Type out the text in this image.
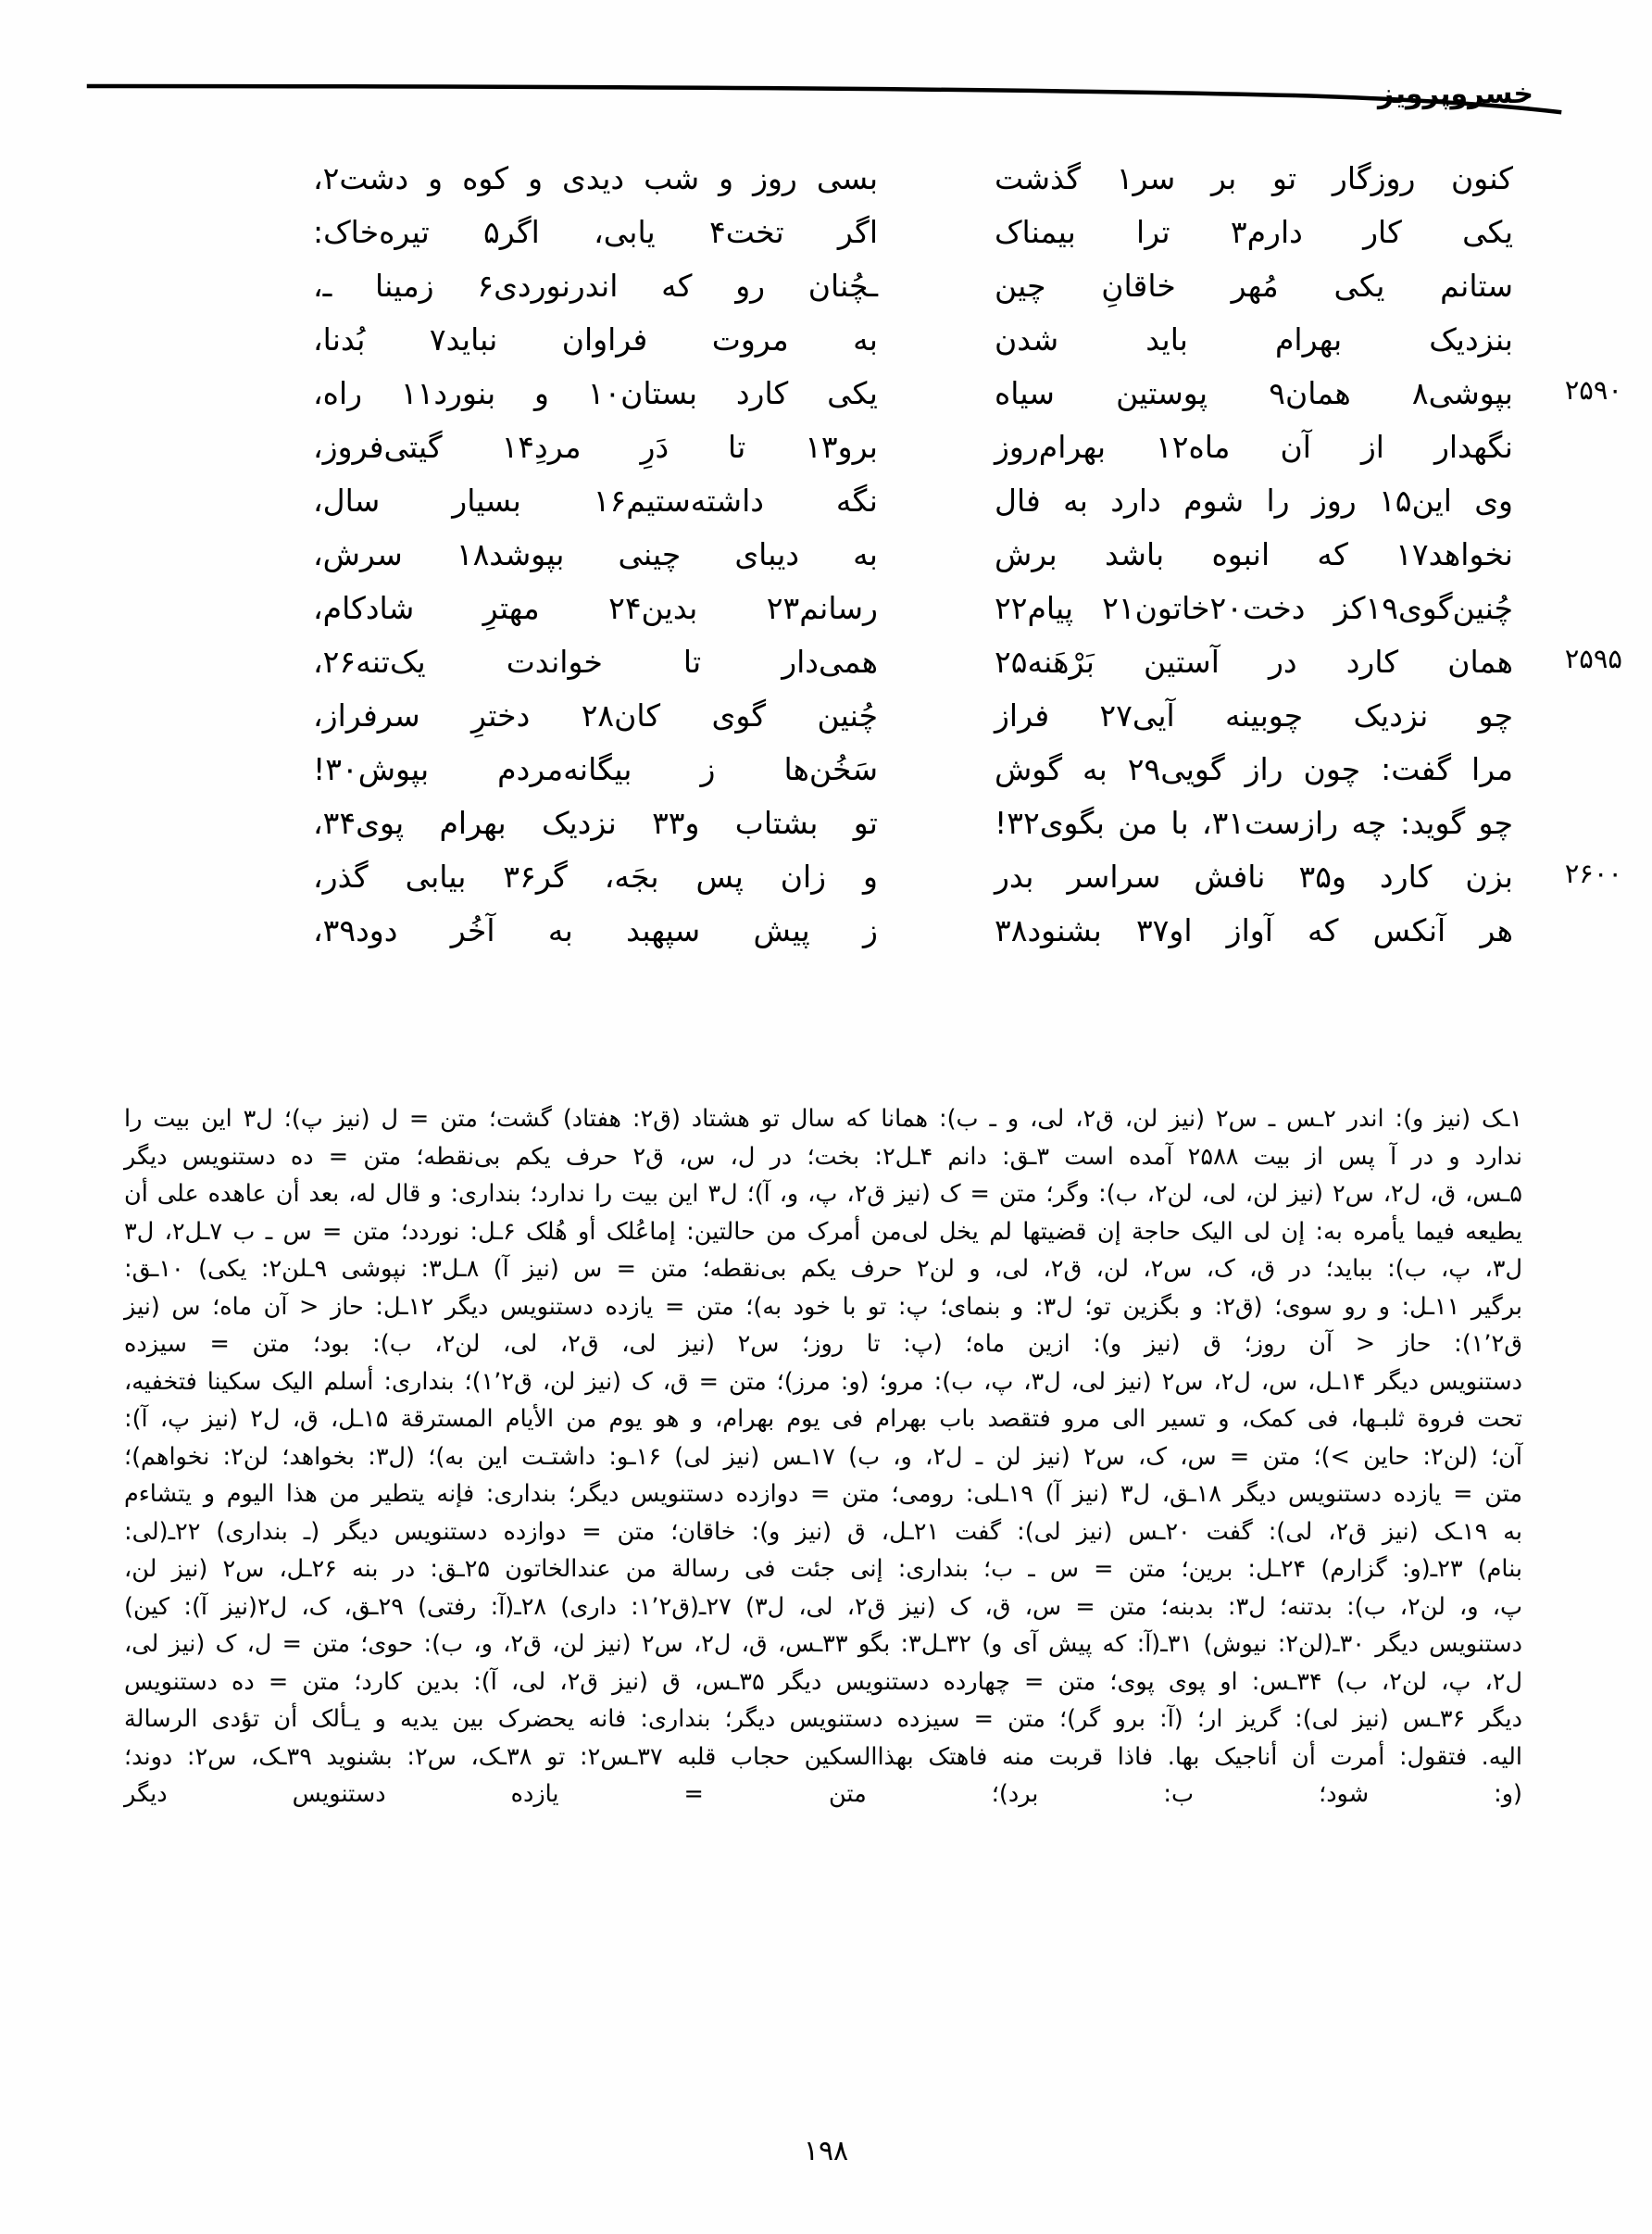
خسروپرویز
کنون روزگار تو بر سر۱ گذشت
بسی روز و شب دیدی و کوه و دشت۲،
یکی کار دارم۳ ترا بیمناک
اگر تخت۴ یابی، اگر۵ تیره‌خاک:
ستانم یکی مُهر خاقانِ چین
ـچُنان رو که اندرنوردی۶ زمینا ـ،
بنزدیک بهرام باید شدن
به مروت فراوان نباید۷ بُدنا،
۲۵۹۰
بپوشی۸ همان۹ پوستین سیاه
یکی کارد بستان۱۰ و بنورد۱۱ راه،
نگهدار از آن ماه۱۲ بهرام‌روز
برو۱۳ تا دَرِ مردِ۱۴ گیتی‌فروز،
وی این۱۵ روز را شوم دارد به فال
نگه داشته‌ستیم۱۶ بسیار سال،
نخواهد۱۷ که انبوه باشد برش
به دیبای چینی بپوشد۱۸ سرش،
چُنین‌گوی۱۹کز دخت۲۰خاتون۲۱ پیام۲۲
رسانم۲۳ بدین۲۴ مهترِ شادکام،
۲۵۹۵
همان کارد در آستین بَرْهَنه۲۵
همی‌دار تا خواندت یک‌تنه۲۶،
چو نزدیک چوبینه آیی۲۷ فراز
چُنین گوی کان۲۸ دخترِ سرفراز،
مرا گفت: چون راز گویی۲۹ به گوش
سَخُن‌ها ز بیگانه‌مردم بپوش۳۰!
چو گوید: چه رازست۳۱، با من بگوی۳۲!
تو بشتاب و۳۳ نزدیک بهرام پوی۳۴،
۲۶۰۰
بزن کارد و۳۵ نافش سراسر بدر
و زان پس بجَه، گر۳۶ بیابی گذر،
هر آنکس که آواز او۳۷ بشنود۳۸
ز پیش سپهبد به آخُر دود۳۹،
۱ـک (نیز و): اندر ۲ـس ـ س۲ (نیز لن، ق۲، لی، و ـ ب): همانا که سال تو هشتاد (ق۲: هفتاد) گشت؛ متن = ل (نیز پ)؛ ل۳ این بیت را
ندارد و در آ پس از بیت ۲۵۸۸ آمده است ۳ـق: دانم ۴ـل۲: بخت؛ در ل، س، ق۲ حرف یکم بی‌نقطه؛ متن = ده دستنویس دیگر
۵ـس، ق، ل۲، س۲ (نیز لن، لی، لن۲، ب): وگر؛ متن = ک (نیز ق۲، پ، و، آ)؛ ل۳ این بیت را ندارد؛ بنداری: و قال له، بعد أن عاهده علی أن
یطیعه فیما یأمره به: إن لی الیک حاجة إن قضیتها لم یخل لی‌من أمرک من حالتین: إماعُلک أو هُلک ۶ـل: نوردد؛ متن = س ـ ب ۷ـل۲، ل۳
ل۳، پ، ب): بباید؛ در ق، ک، س۲، لن، ق۲، لی، و لن۲ حرف یکم بی‌نقطه؛ متن = س (نیز آ) ۸ـل۳: نپوشی ۹ـلن۲: یکی) ۱۰ـق:
برگیر ۱۱ـل: و رو سوی؛ (ق۲: و بگزین تو؛ ل۳: و بنمای؛ پ: تو با خود به)؛ متن = یازده دستنویس دیگر ۱۲ـل: حاز < آن ماه؛ س (نیز
ق۱٬۲): حاز < آن روز؛ ق (نیز و): ازین ماه؛ (پ: تا روز؛ س۲ (نیز لی، ق۲، لی، لن۲، ب): بود؛ متن = سیزده
دستنویس دیگر ۱۴ـل، س، ل۲، س۲ (نیز لی، ل۳، پ، ب): مرو؛ (و: مرز)؛ متن = ق، ک (نیز لن، ق۱٬۲)؛ بنداری: أسلم الیک سکینا فتخفیه،
تحت فروة ثلبـها، فی کمک، و تسیر الی مرو فتقصد باب بهرام فی یوم بهرام، و هو یوم من الأیام المسترقة ۱۵ـل، ق، ل۲ (نیز پ، آ):
آن؛ (لن۲: حاین >)؛ متن = س، ک، س۲ (نیز لن ـ ل۲، و، ب) ۱۷ـس (نیز لی) ۱۶ـو: داشتـت این به)؛ (ل۳: بخواهد؛ لن۲: نخواهم)؛
متن = یازده دستنویس دیگر ۱۸ـق، ل۳ (نیز آ) ۱۹ـلی: رومی؛ متن = دوازده دستنویس دیگر؛ بنداری: فإنه یتطیر من هذا الیوم و یتشاءم
به ۱۹ـک (نیز ق۲، لی): گفت ۲۰ـس (نیز لی): گفت ۲۱ـل، ق (نیز و): خاقان؛ متن = دوازده دستنویس دیگر (ـ بنداری) ۲۲ـ(لی:
بنام) ۲۳ـ(و: گزارم) ۲۴ـل: برین؛ متن = س ـ ب؛ بنداری: إنی جئت فی رسالة من عندالخاتون ۲۵ـق: در بنه ۲۶ـل، س۲ (نیز لن،
پ، و، لن۲، ب): بدتنه؛ ل۳: بدبنه؛ متن = س، ق، ک (نیز ق۲، لی، ل۳) ۲۷ـ(ق۱٬۲: داری) ۲۸ـ(آ: رفتی) ۲۹ـق، ک، ل۲(نیز آ): کین)
دستنویس دیگر ۳۰ـ(لن۲: نیوش) ۳۱ـ(آ: که پیش آی و) ۳۲ـل۳: بگو ۳۳ـس، ق، ل۲، س۲ (نیز لن، ق۲، و، ب): حوی؛ متن = ل، ک (نیز لی،
ل۲، پ، لن۲، ب) ۳۴ـس: او پوی پوی؛ متن = چهارده دستنویس دیگر ۳۵ـس، ق (نیز ق۲، لی، آ): بدین کارد؛ متن = ده دستنویس
دیگر ۳۶ـس (نیز لی): گریز ار؛ (آ: برو گر)؛ متن = سیزده دستنویس دیگر؛ بنداری: فانه یحضرک بین یدیه و یـألک أن تؤدی الرسالة
الیه. فتقول: أمرت أن أناجیک بها. فاذا قربت منه فاهتک بهذاالسکین حجاب قلبه ۳۷ـس۲: تو ۳۸ـک، س۲: بشنوید ۳۹ـک، س۲: دوند؛
(و: شود؛ ب: برد)؛ متن = یازده دستنویس دیگر
۱۹۸
